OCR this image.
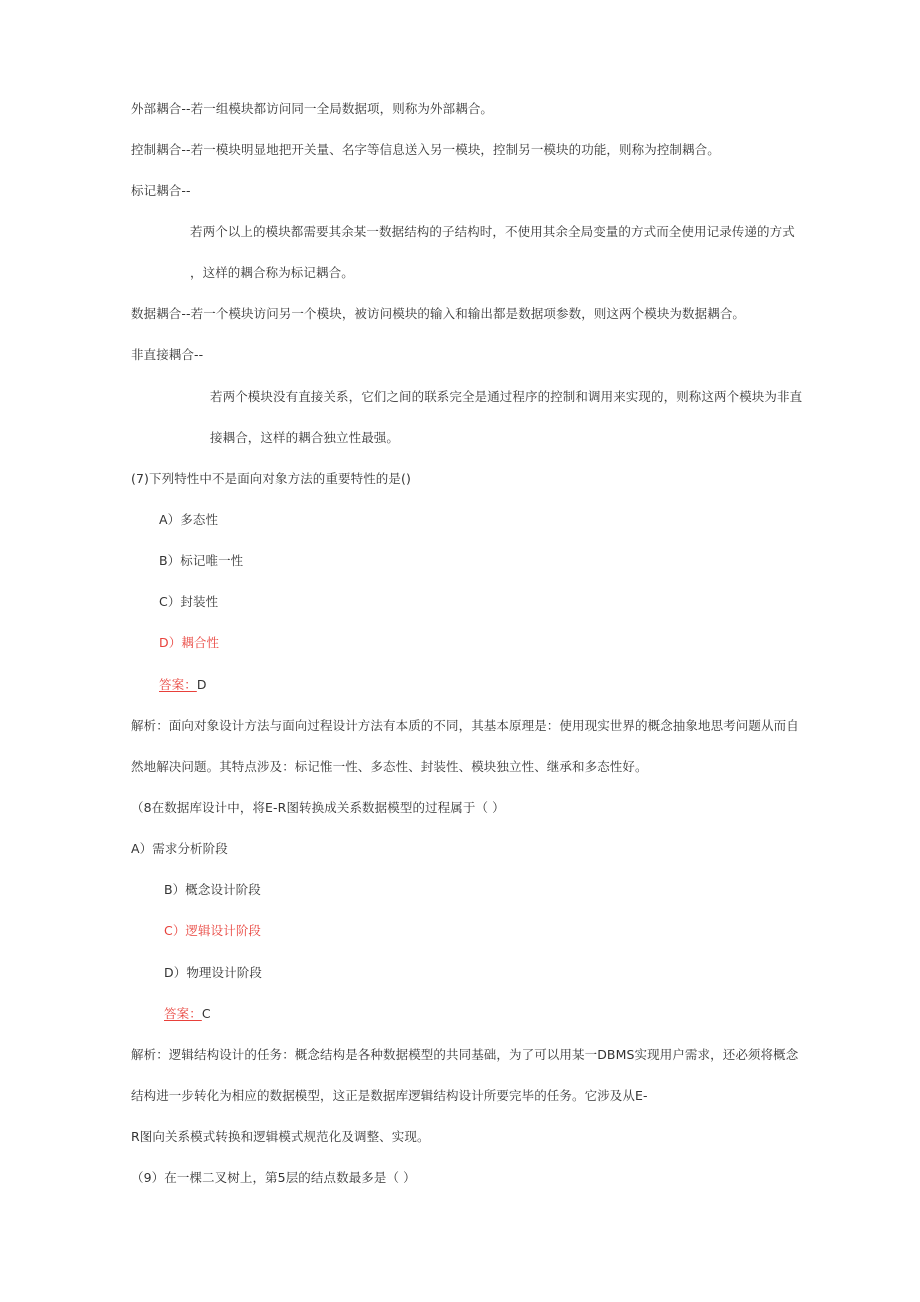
外部耦合--若一组模块都访问同一全局数据项，则称为外部耦合。
控制耦合--若一模块明显地把开关量、名字等信息送入另一模块，控制另一模块的功能，则称为控制耦合。
标记耦合--
若两个以上的模块都需要其余某一数据结构的子结构时，不使用其余全局变量的方式而全使用记录传递的方式
，这样的耦合称为标记耦合。
数据耦合--若一个模块访问另一个模块，被访问模块的输入和输出都是数据项参数，则这两个模块为数据耦合。
非直接耦合--
若两个模块没有直接关系，它们之间的联系完全是通过程序的控制和调用来实现的，则称这两个模块为非直
接耦合，这样的耦合独立性最强。
(7)下列特性中不是面向对象方法的重要特性的是()
A）多态性
B）标记唯一性
C）封装性
D）耦合性
答案：D
解析：面向对象设计方法与面向过程设计方法有本质的不同，其基本原理是：使用现实世界的概念抽象地思考问题从而自
然地解决问题。其特点涉及：标记惟一性、多态性、封装性、模块独立性、继承和多态性好。
（8在数据库设计中，将E-R图转换成关系数据模型的过程属于（ ）
A）需求分析阶段
B）概念设计阶段
C）逻辑设计阶段
D）物理设计阶段
答案：C
解析：逻辑结构设计的任务：概念结构是各种数据模型的共同基础，为了可以用某一DBMS实现用户需求，还必须将概念
结构进一步转化为相应的数据模型，这正是数据库逻辑结构设计所要完毕的任务。它涉及从E-
R图向关系模式转换和逻辑模式规范化及调整、实现。
（9）在一棵二叉树上，第5层的结点数最多是（ ）
